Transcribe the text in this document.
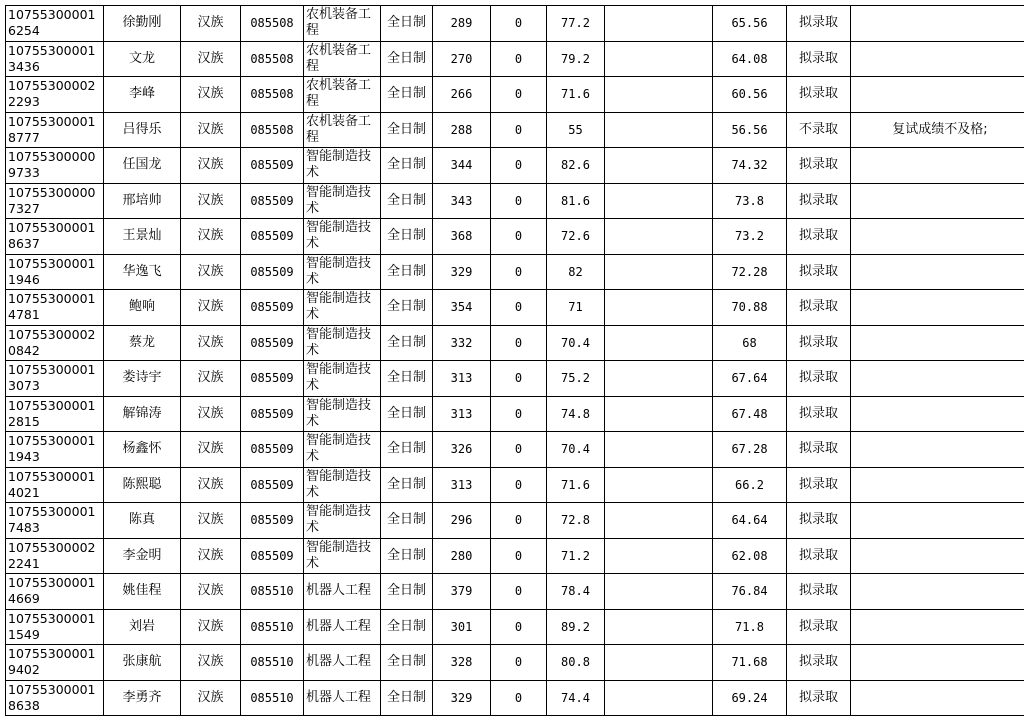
107553000016254	徐勤刚	汉族	085508	农机装备工程	全日制	289	0	77.2		65.56	拟录取	
107553000013436	文龙	汉族	085508	农机装备工程	全日制	270	0	79.2		64.08	拟录取	
107553000022293	李峰	汉族	085508	农机装备工程	全日制	266	0	71.6		60.56	拟录取	
107553000018777	吕得乐	汉族	085508	农机装备工程	全日制	288	0	55		56.56	不录取	复试成绩不及格;
107553000009733	任国龙	汉族	085509	智能制造技术	全日制	344	0	82.6		74.32	拟录取	
107553000007327	邢培帅	汉族	085509	智能制造技术	全日制	343	0	81.6		73.8	拟录取	
107553000018637	王景灿	汉族	085509	智能制造技术	全日制	368	0	72.6		73.2	拟录取	
107553000011946	华逸飞	汉族	085509	智能制造技术	全日制	329	0	82		72.28	拟录取	
107553000014781	鲍响	汉族	085509	智能制造技术	全日制	354	0	71		70.88	拟录取	
107553000020842	蔡龙	汉族	085509	智能制造技术	全日制	332	0	70.4		68	拟录取	
107553000013073	娄诗宇	汉族	085509	智能制造技术	全日制	313	0	75.2		67.64	拟录取	
107553000012815	解锦涛	汉族	085509	智能制造技术	全日制	313	0	74.8		67.48	拟录取	
107553000011943	杨鑫怀	汉族	085509	智能制造技术	全日制	326	0	70.4		67.28	拟录取	
107553000014021	陈熙聪	汉族	085509	智能制造技术	全日制	313	0	71.6		66.2	拟录取	
107553000017483	陈真	汉族	085509	智能制造技术	全日制	296	0	72.8		64.64	拟录取	
107553000022241	李金明	汉族	085509	智能制造技术	全日制	280	0	71.2		62.08	拟录取	
107553000014669	姚佳程	汉族	085510	机器人工程	全日制	379	0	78.4		76.84	拟录取	
107553000011549	刘岩	汉族	085510	机器人工程	全日制	301	0	89.2		71.8	拟录取	
107553000019402	张康航	汉族	085510	机器人工程	全日制	328	0	80.8		71.68	拟录取	
107553000018638	李勇齐	汉族	085510	机器人工程	全日制	329	0	74.4		69.24	拟录取	
